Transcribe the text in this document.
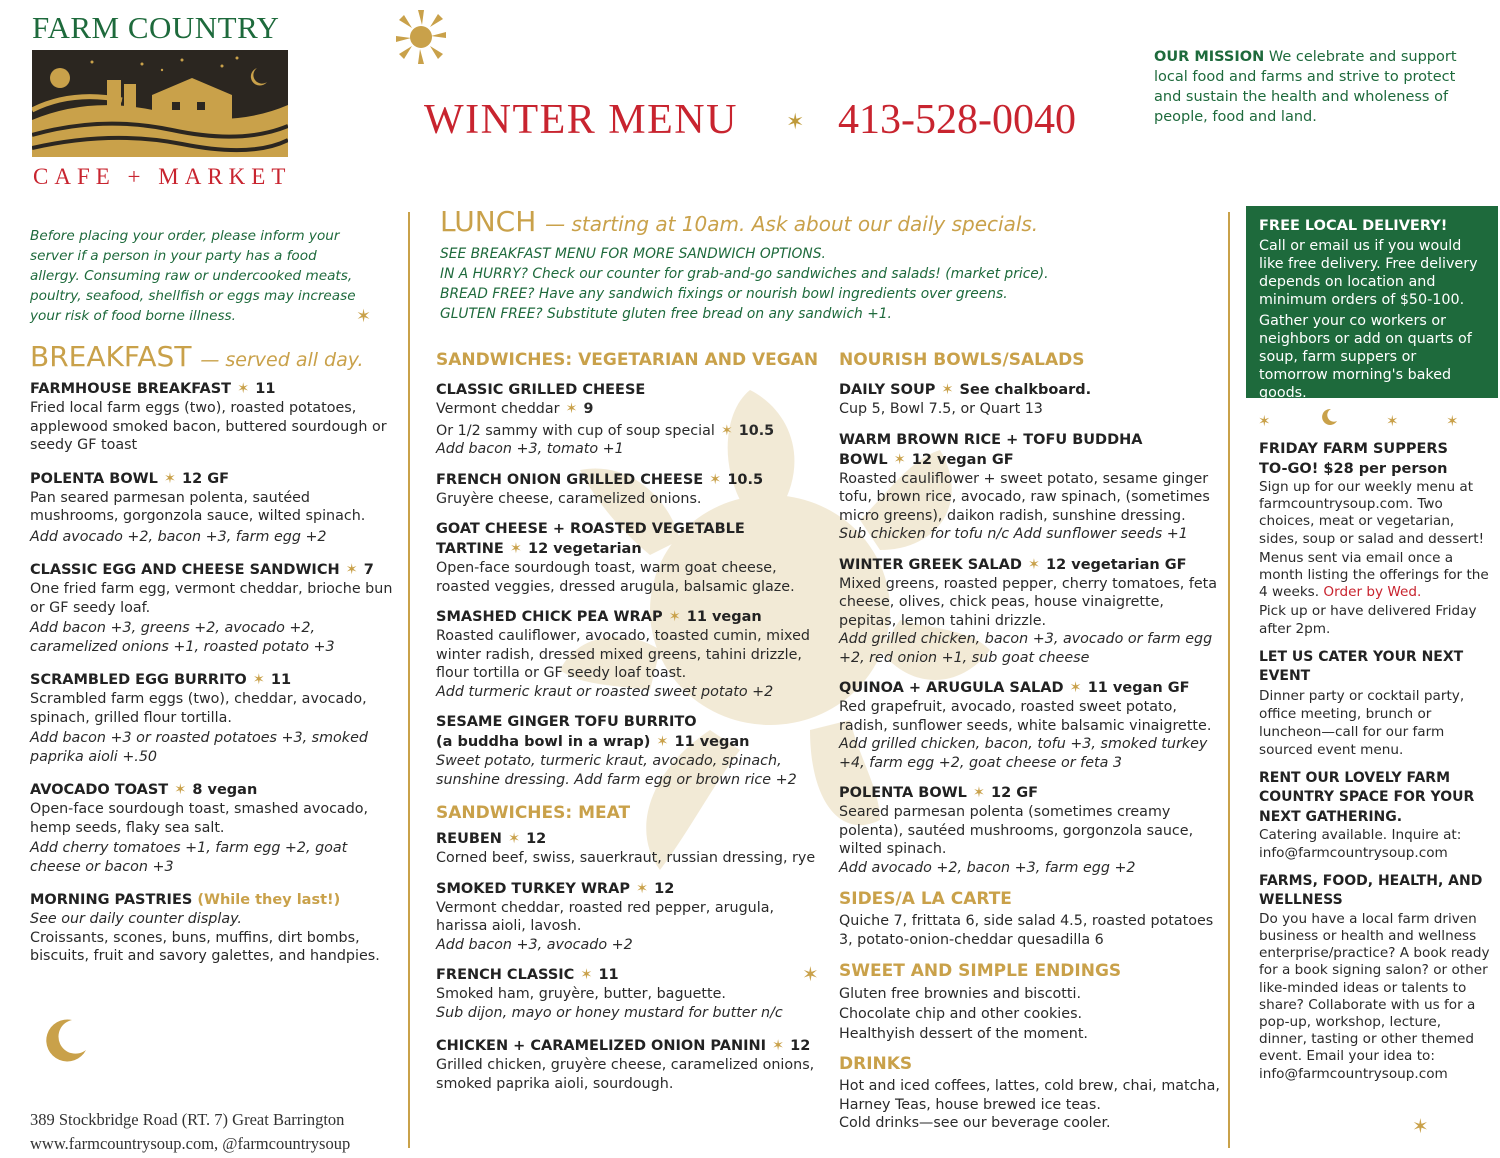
FARM COUNTRY
CAFE + MARKET
WINTER MENU ✶ 413-528-0040
OUR MISSION We celebrate and support local food and farms and strive to protect and sustain the health and wholeness of people, food and land.
Before placing your order, please inform your server if a person in your party has a food allergy. Consuming raw or undercooked meats, poultry, seafood, shellfish or eggs may increase your risk of food borne illness.	✶
BREAKFAST — served all day.
FARMHOUSE BREAKFAST ✶ 11
Fried local farm eggs (two), roasted potatoes, applewood smoked bacon, buttered sourdough or seedy GF toast
POLENTA BOWL ✶ 12 GF
Pan seared parmesan polenta, sautéed mushrooms, gorgonzola sauce, wilted spinach.
Add avocado +2, bacon +3, farm egg +2
CLASSIC EGG AND CHEESE SANDWICH ✶ 7
One fried farm egg, vermont cheddar, brioche bun or GF seedy loaf.
Add bacon +3, greens +2, avocado +2, caramelized onions +1, roasted potato +3
SCRAMBLED EGG BURRITO ✶ 11
Scrambled farm eggs (two), cheddar, avocado, spinach, grilled flour tortilla.
Add bacon +3 or roasted potatoes +3, smoked paprika aioli +.50
AVOCADO TOAST ✶ 8 vegan
Open-face sourdough toast, smashed avocado, hemp seeds, flaky sea salt.
Add cherry tomatoes +1, farm egg +2, goat cheese or bacon +3
MORNING PASTRIES (While they last!)
See our daily counter display.
Croissants, scones, buns, muffins, dirt bombs, biscuits, fruit and savory galettes, and handpies.
389 Stockbridge Road (RT. 7) Great Barrington
www.farmcountrysoup.com, @farmcountrysoup
LUNCH — starting at 10am. Ask about our daily specials.
SEE BREAKFAST MENU FOR MORE SANDWICH OPTIONS.
IN A HURRY? Check our counter for grab-and-go sandwiches and salads! (market price).
BREAD FREE? Have any sandwich fixings or nourish bowl ingredients over greens.
GLUTEN FREE? Substitute gluten free bread on any sandwich +1.
SANDWICHES: VEGETARIAN AND VEGAN
CLASSIC GRILLED CHEESE
Vermont cheddar ✶ 9
Or 1/2 sammy with cup of soup special ✶ 10.5
Add bacon +3, tomato +1
FRENCH ONION GRILLED CHEESE ✶ 10.5
Gruyère cheese, caramelized onions.
GOAT CHEESE + ROASTED VEGETABLE
TARTINE ✶ 12 vegetarian
Open-face sourdough toast, warm goat cheese, roasted veggies, dressed arugula, balsamic glaze.
SMASHED CHICK PEA WRAP ✶ 11 vegan
Roasted cauliflower, avocado, toasted cumin, mixed winter radish, dressed mixed greens, tahini drizzle, flour tortilla or GF seedy loaf toast.
Add turmeric kraut or roasted sweet potato +2
SESAME GINGER TOFU BURRITO
(a buddha bowl in a wrap) ✶ 11 vegan
Sweet potato, turmeric kraut, avocado, spinach, sunshine dressing. Add farm egg or brown rice +2
SANDWICHES: MEAT
REUBEN ✶ 12
Corned beef, swiss, sauerkraut, russian dressing, rye
SMOKED TURKEY WRAP ✶ 12
Vermont cheddar, roasted red pepper, arugula, harissa aioli, lavosh.
Add bacon +3, avocado +2
FRENCH CLASSIC ✶ 11
Smoked ham, gruyère, butter, baguette.
Sub dijon, mayo or honey mustard for butter n/c
CHICKEN + CARAMELIZED ONION PANINI ✶ 12
Grilled chicken, gruyère cheese, caramelized onions, smoked paprika aioli, sourdough.
✶
NOURISH BOWLS/SALADS
DAILY SOUP ✶ See chalkboard.
Cup 5, Bowl 7.5, or Quart 13
WARM BROWN RICE + TOFU BUDDHA
BOWL ✶ 12 vegan GF
Roasted cauliflower + sweet potato, sesame ginger tofu, brown rice, avocado, raw spinach, (sometimes micro greens), daikon radish, sunshine dressing.
Sub chicken for tofu n/c Add sunflower seeds +1
WINTER GREEK SALAD ✶ 12 vegetarian GF
Mixed greens, roasted pepper, cherry tomatoes, feta cheese, olives, chick peas, house vinaigrette, pepitas, lemon tahini drizzle.
Add grilled chicken, bacon +3, avocado or farm egg +2, red onion +1, sub goat cheese
QUINOA + ARUGULA SALAD ✶ 11 vegan GF
Red grapefruit, avocado, roasted sweet potato, radish, sunflower seeds, white balsamic vinaigrette.
Add grilled chicken, bacon, tofu +3, smoked turkey +4, farm egg +2, goat cheese or feta 3
POLENTA BOWL ✶ 12 GF
Seared parmesan polenta (sometimes creamy polenta), sautéed mushrooms, gorgonzola sauce, wilted spinach.
Add avocado +2, bacon +3, farm egg +2
SIDES/A LA CARTE
Quiche 7, frittata 6, side salad 4.5, roasted potatoes 3, potato-onion-cheddar quesadilla 6
SWEET AND SIMPLE ENDINGS
Gluten free brownies and biscotti.
Chocolate chip and other cookies.
Healthyish dessert of the moment.
DRINKS
Hot and iced coffees, lattes, cold brew, chai, matcha, Harney Teas, house brewed ice teas.
Cold drinks—see our beverage cooler.
FREE LOCAL DELIVERY!
Call or email us if you would like free delivery. Free delivery depends on location and minimum orders of $50-100.
Gather your co workers or neighbors or add on quarts of soup, farm suppers or tomorrow morning's baked goods.
✶	✶	✶
FRIDAY FARM SUPPERS
TO-GO! $28 per person
Sign up for our weekly menu at farmcountrysoup.com. Two choices, meat or vegetarian, sides, soup or salad and dessert!
Menus sent via email once a month listing the offerings for the 4 weeks. Order by Wed.
Pick up or have delivered Friday after 2pm.
LET US CATER YOUR NEXT EVENT
Dinner party or cocktail party, office meeting, brunch or luncheon—call for our farm sourced event menu.
RENT OUR LOVELY FARM COUNTRY SPACE FOR YOUR NEXT GATHERING.
Catering available. Inquire at: info@farmcountrysoup.com
FARMS, FOOD, HEALTH, AND WELLNESS
Do you have a local farm driven business or health and wellness enterprise/practice? A book ready for a book signing salon? or other like-minded ideas or talents to share? Collaborate with us for a pop-up, workshop, lecture, dinner, tasting or other themed event. Email your idea to: info@farmcountrysoup.com
✶
